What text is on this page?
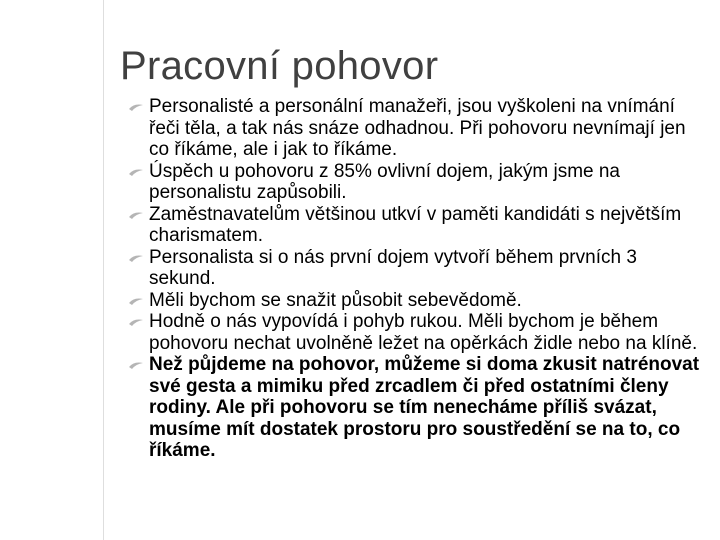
Pracovní pohovor
Personalisté a personální manažeři, jsou vyškoleni na vnímání řeči těla, a tak nás snáze odhadnou. Při pohovoru nevnímají jen co říkáme, ale i jak to říkáme.
Úspěch u pohovoru z 85% ovlivní dojem, jakým jsme na personalistu zapůsobili.
Zaměstnavatelům většinou utkví v paměti kandidáti s největším charismatem.
Personalista si o nás první dojem vytvoří během prvních 3 sekund.
Měli bychom se snažit působit sebevědomě.
Hodně o nás vypovídá i pohyb rukou. Měli bychom je během pohovoru nechat uvolněně ležet na opěrkách židle nebo na klíně.
Než půjdeme na pohovor, můžeme si doma zkusit natrénovat své gesta a mimiku před zrcadlem či před ostatními členy rodiny. Ale při pohovoru se tím nenecháme příliš svázat, musíme mít dostatek prostoru pro soustředění se na to, co říkáme.
